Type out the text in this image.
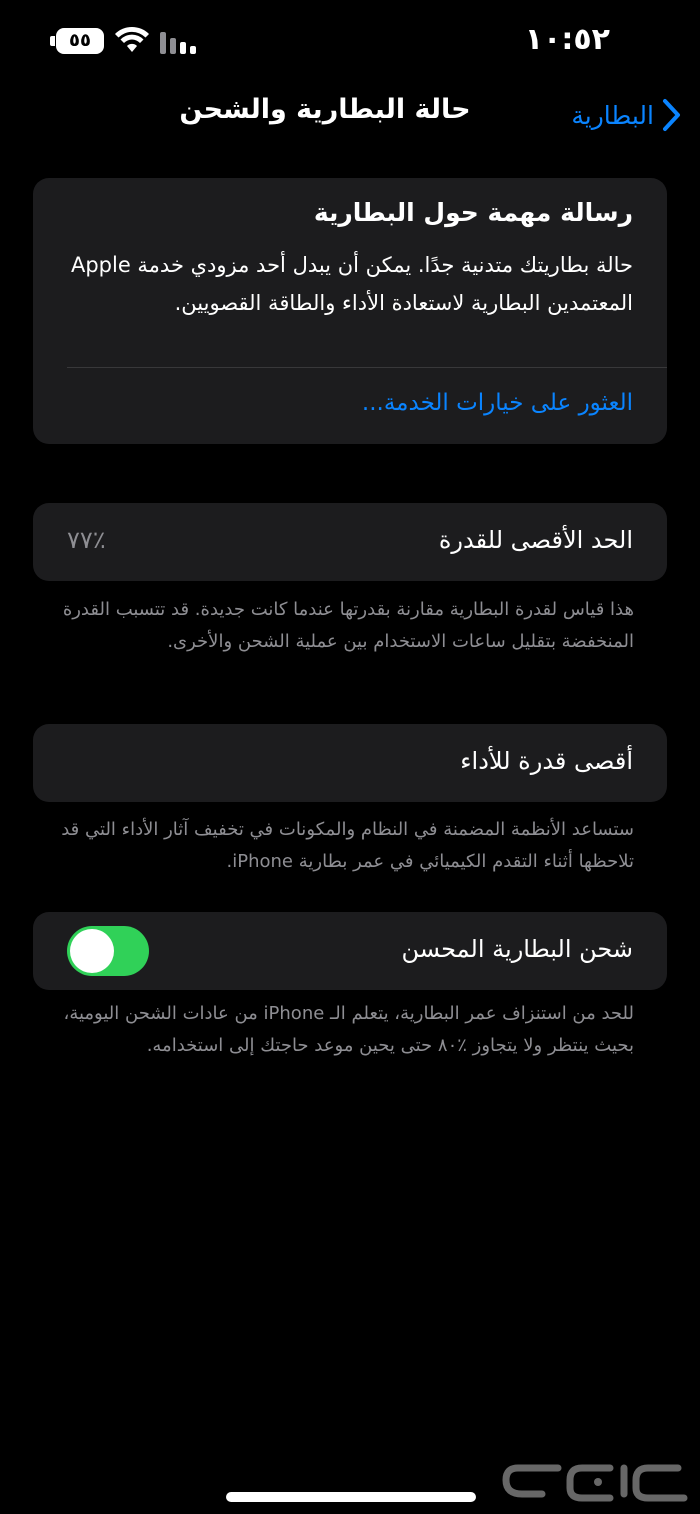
٥٥	١٠:٥٢
حالة البطارية والشحن	البطارية
رسالة مهمة حول البطارية
حالة بطاريتك متدنية جدًا. يمكن أن يبدل أحد مزودي خدمة Apple المعتمدين البطارية لاستعادة الأداء والطاقة القصويين.
العثور على خيارات الخدمة...
الحد الأقصى للقدرة
٪٧٧
هذا قياس لقدرة البطارية مقارنة بقدرتها عندما كانت جديدة. قد تتسبب القدرة المنخفضة بتقليل ساعات الاستخدام بين عملية الشحن والأخرى.
أقصى قدرة للأداء
ستساعد الأنظمة المضمنة في النظام والمكونات في تخفيف آثار الأداء التي قد تلاحظها أثناء التقدم الكيميائي في عمر بطارية iPhone.
شحن البطارية المحسن
للحد من استنزاف عمر البطارية، يتعلم الـ iPhone من عادات الشحن اليومية، بحيث ينتظر ولا يتجاوز ٪٨٠ حتى يحين موعد حاجتك إلى استخدامه.
